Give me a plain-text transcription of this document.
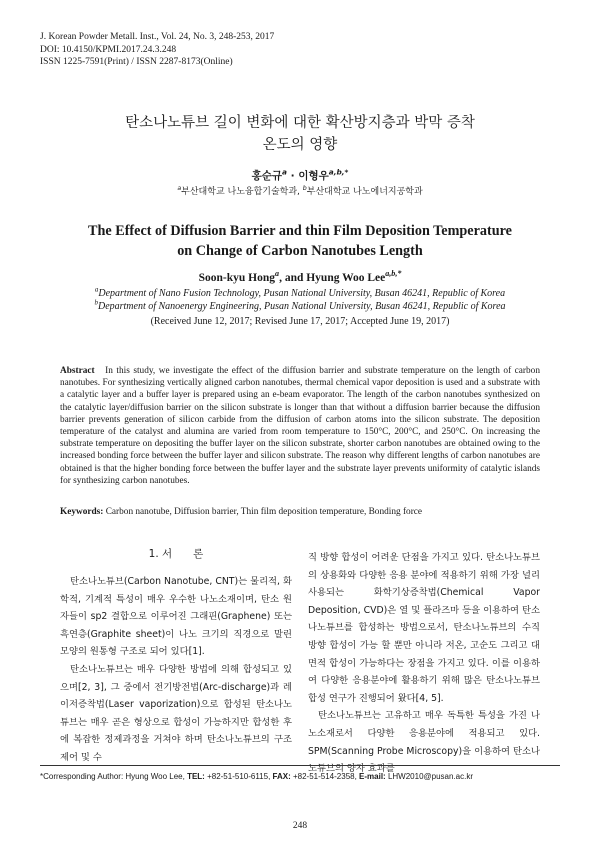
J. Korean Powder Metall. Inst., Vol. 24, No. 3, 248-253, 2017
DOI: 10.4150/KPMI.2017.24.3.248
ISSN 1225-7591(Print) / ISSN 2287-8173(Online)
탄소나노튜브 길이 변화에 대한 확산방지층과 박막 증착
온도의 영향
홍순규$^a$ · 이형우$^{a,b,*}$
$^a$부산대학교 나노융합기술학과, $^b$부산대학교 나노에너지공학과
The Effect of Diffusion Barrier and thin Film Deposition Temperature
on Change of Carbon Nanotubes Length
Soon-kyu Hong$^a$, and Hyung Woo Lee$^{a,b,*}$
$^a$Department of Nano Fusion Technology, Pusan National University, Busan 46241, Republic of Korea
$^b$Department of Nanoenergy Engineering, Pusan National University, Busan 46241, Republic of Korea
(Received June 12, 2017; Revised June 17, 2017; Accepted June 19, 2017)
Abstract In this study, we investigate the effect of the diffusion barrier and substrate temperature on the length of carbon nanotubes. For synthesizing vertically aligned carbon nanotubes, thermal chemical vapor deposition is used and a substrate with a catalytic layer and a buffer layer is prepared using an e-beam evaporator. The length of the carbon nanotubes synthesized on the catalytic layer/diffusion barrier on the silicon substrate is longer than that without a diffusion barrier because the diffusion barrier prevents generation of silicon carbide from the diffusion of carbon atoms into the silicon substrate. The deposition temperature of the catalyst and alumina are varied from room temperature to 150°C, 200°C, and 250°C. On increasing the substrate temperature on depositing the buffer layer on the silicon substrate, shorter carbon nanotubes are obtained owing to the increased bonding force between the buffer layer and silicon substrate. The reason why different lengths of carbon nanotubes are obtained is that the higher bonding force between the buffer layer and the substrate layer prevents uniformity of catalytic islands for synthesizing carbon nanotubes.
Keywords: Carbon nanotube, Diffusion barrier, Thin film deposition temperature, Bonding force
1. 서　　론

탄소나노튜브(Carbon Nanotube, CNT)는 물리적, 화학적, 기계적 특성이 매우 우수한 나노소재이며, 탄소 원자들이 sp2 결합으로 이루어진 그래핀(Graphene) 또는 흑연층(Graphite sheet)이 나노 크기의 직경으로 말린 모양의 원통형 구조로 되어 있다[1].

탄소나노튜브는 매우 다양한 방법에 의해 합성되고 있으며[2, 3], 그 중에서 전기방전법(Arc-discharge)과 레이저증착법(Laser vaporization)으로 합성된 탄소나노튜브는 매우 곧은 형상으로 합성이 가능하지만 합성한 후에 복잡한 정제과정을 거쳐야 하며 탄소나노튜브의 구조 제어 및 수

직 방향 합성이 어려운 단점을 가지고 있다. 탄소나노튜브의 상용화와 다양한 응용 분야에 적용하기 위해 가장 널리 사용되는 화학기상증착법(Chemical Vapor Deposition, CVD)은 열 및 플라즈마 등을 이용하여 탄소나노튜브를 합성하는 방법으로서, 탄소나노튜브의 수직 방향 합성이 가능 할 뿐만 아니라 저온, 고순도 그리고 대면적 합성이 가능하다는 장점을 가지고 있다. 이를 이용하여 다양한 응용분야에 활용하기 위해 많은 탄소나노튜브 합성 연구가 진행되어 왔다[4, 5].

탄소나노튜브는 고유하고 매우 독특한 특성을 가진 나노소재로서 다양한 응용분야에 적용되고 있다. SPM(Scanning Probe Microscopy)을 이용하여 탄소나노튜브의 양자 효과를

*Corresponding Author: Hyung Woo Lee, TEL: +82-51-510-6115, FAX: +82-51-514-2358, E-mail: LHW2010@pusan.ac.kr
248
